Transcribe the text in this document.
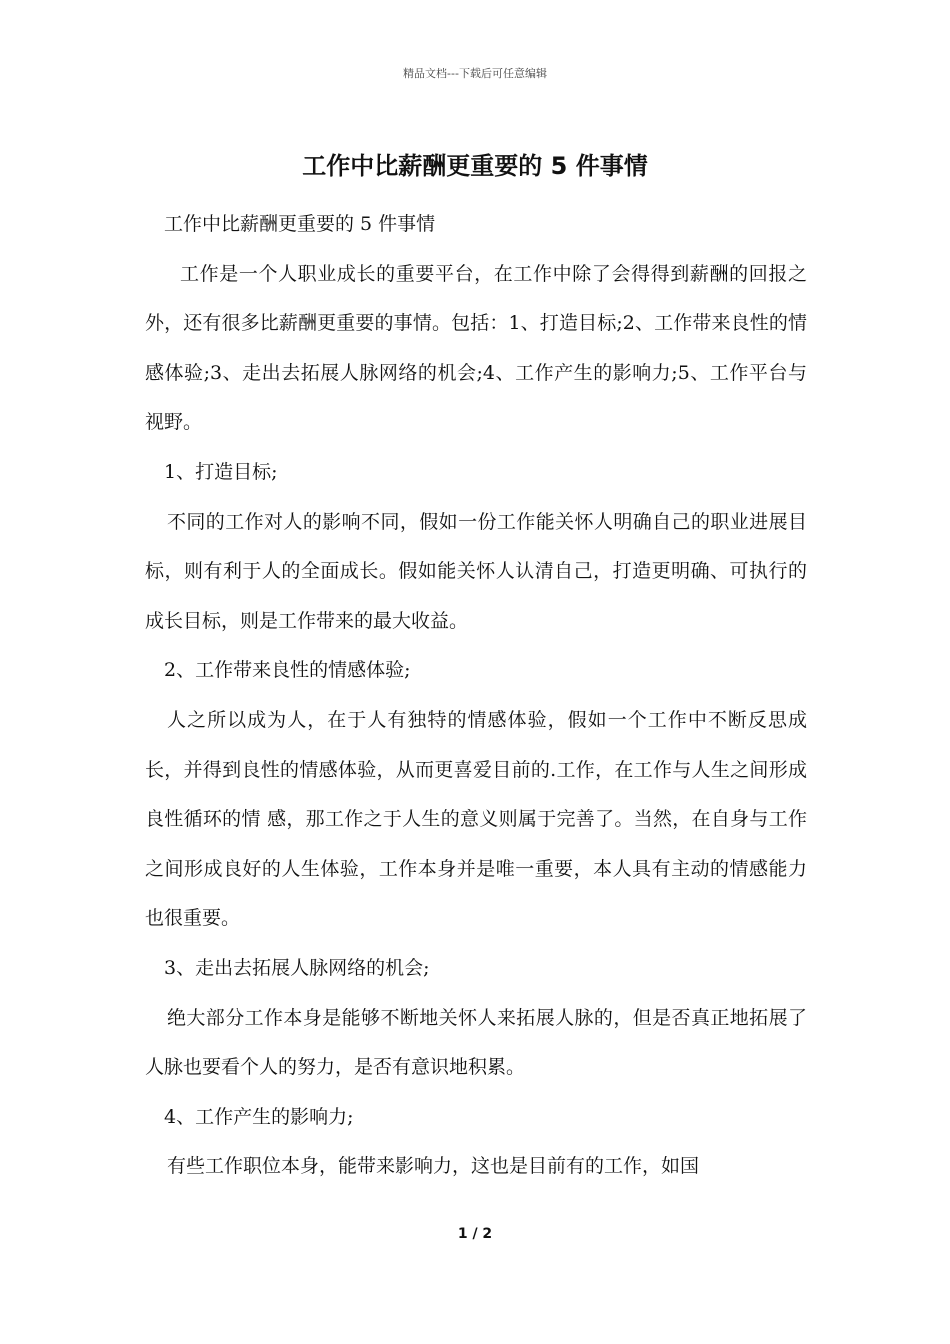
精品文档---下载后可任意编辑
工作中比薪酬更重要的 5 件事情

工作中比薪酬更重要的 5 件事情

工作是一个人职业成长的重要平台，在工作中除了会得得到薪酬的回报之外，还有很多比薪酬更重要的事情。包括：1、打造目标;2、工作带来良性的情感体验;3、走出去拓展人脉网络的机会;4、工作产生的影响力;5、工作平台与视野。

1、打造目标;

不同的工作对人的影响不同，假如一份工作能关怀人明确自己的职业进展目标，则有利于人的全面成长。假如能关怀人认清自己，打造更明确、可执行的成长目标，则是工作带来的最大收益。

2、工作带来良性的情感体验;

人之所以成为人，在于人有独特的情感体验，假如一个工作中不断反思成长，并得到良性的情感体验，从而更喜爱目前的.工作，在工作与人生之间形成良性循环的情 感，那工作之于人生的意义则属于完善了。当然，在自身与工作之间形成良好的人生体验，工作本身并是唯一重要，本人具有主动的情感能力也很重要。

3、走出去拓展人脉网络的机会;

绝大部分工作本身是能够不断地关怀人来拓展人脉的，但是否真正地拓展了人脉也要看个人的努力，是否有意识地积累。

4、工作产生的影响力;

有些工作职位本身，能带来影响力，这也是目前有的工作，如国

1 / 2
